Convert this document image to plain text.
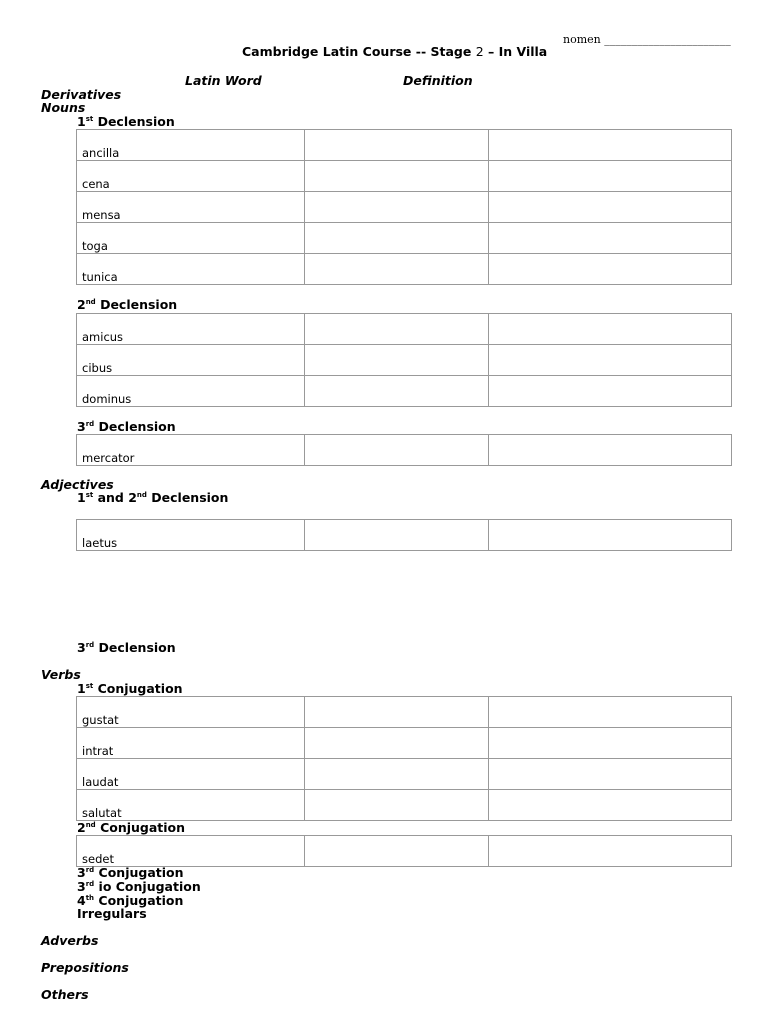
nomen _______________________
Cambridge Latin Course -- Stage 2 – In Villa
Latin Word	Definition
Derivatives
Nouns
1st Declension
ancilla		

cena		

mensa		

toga		

tunica		

2nd Declension
amicus		

cibus		

dominus		

3rd Declension
mercator

Adjectives
1st and 2nd Declension
laetus

3rd Declension
Verbs
1st Conjugation
gustat		

intrat		

laudat		

salutat		

2nd Conjugation
sedet

3rd Conjugation
3rd io Conjugation
4th Conjugation
Irregulars
Adverbs
Prepositions
Others
